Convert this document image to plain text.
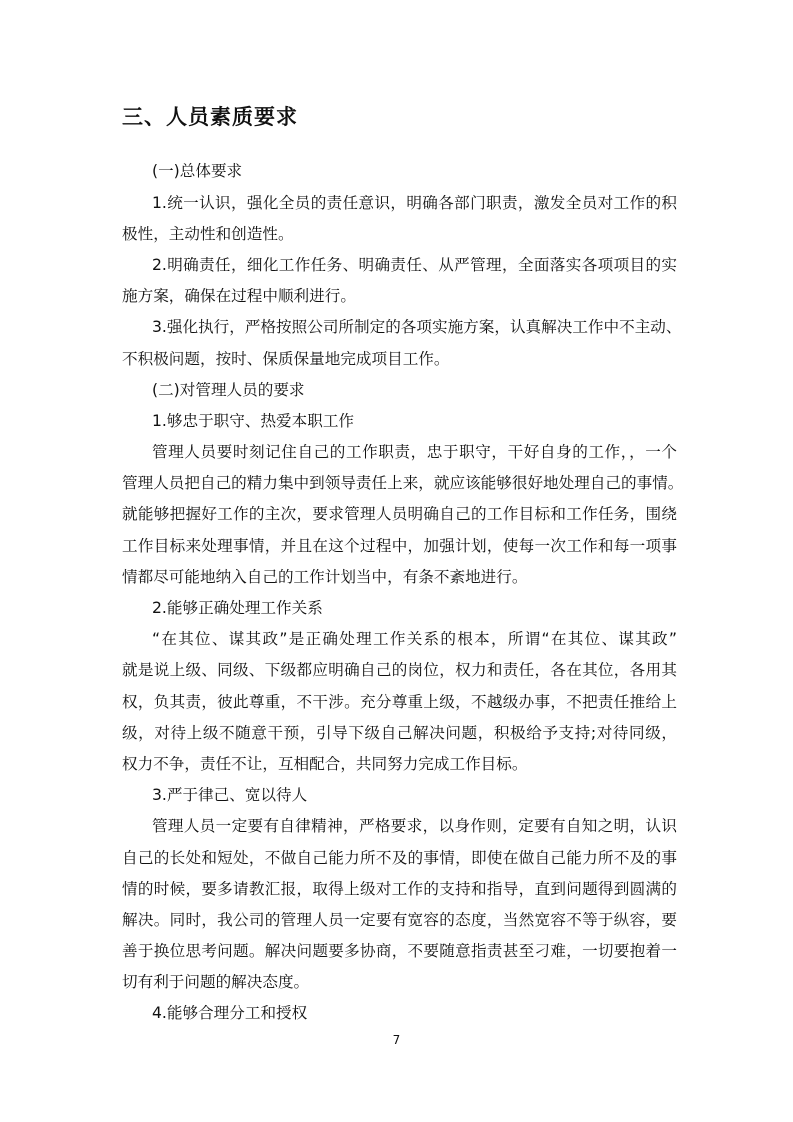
三、人员素质要求
(一)总体要求
1.统一认识，强化全员的责任意识，明确各部门职责，激发全员对工作的积
极性，主动性和创造性。
2.明确责任，细化工作任务、明确责任、从严管理，全面落实各项项目的实
施方案，确保在过程中顺利进行。
3.强化执行，严格按照公司所制定的各项实施方案，认真解决工作中不主动、
不积极问题，按时、保质保量地完成项目工作。
(二)对管理人员的要求
1.够忠于职守、热爱本职工作
管理人员要时刻记住自己的工作职责，忠于职守，干好自身的工作，，一个
管理人员把自己的精力集中到领导责任上来，就应该能够很好地处理自己的事情。
就能够把握好工作的主次，要求管理人员明确自己的工作目标和工作任务，围绕
工作目标来处理事情，并且在这个过程中，加强计划，使每一次工作和每一项事
情都尽可能地纳入自己的工作计划当中，有条不紊地进行。
2.能够正确处理工作关系
“在其位、谋其政”是正确处理工作关系的根本，所谓“在其位、谋其政”
就是说上级、同级、下级都应明确自己的岗位，权力和责任，各在其位，各用其
权，负其责，彼此尊重，不干涉。充分尊重上级，不越级办事，不把责任推给上
级，对待上级不随意干预，引导下级自己解决问题，积极给予支持;对待同级，
权力不争，责任不让，互相配合，共同努力完成工作目标。
3.严于律己、宽以待人
管理人员一定要有自律精神，严格要求，以身作则，定要有自知之明，认识
自己的长处和短处，不做自己能力所不及的事情，即使在做自己能力所不及的事
情的时候，要多请教汇报，取得上级对工作的支持和指导，直到问题得到圆满的
解决。同时，我公司的管理人员一定要有宽容的态度，当然宽容不等于纵容，要
善于换位思考问题。解决问题要多协商，不要随意指责甚至刁难，一切要抱着一
切有利于问题的解决态度。
4.能够合理分工和授权
7
